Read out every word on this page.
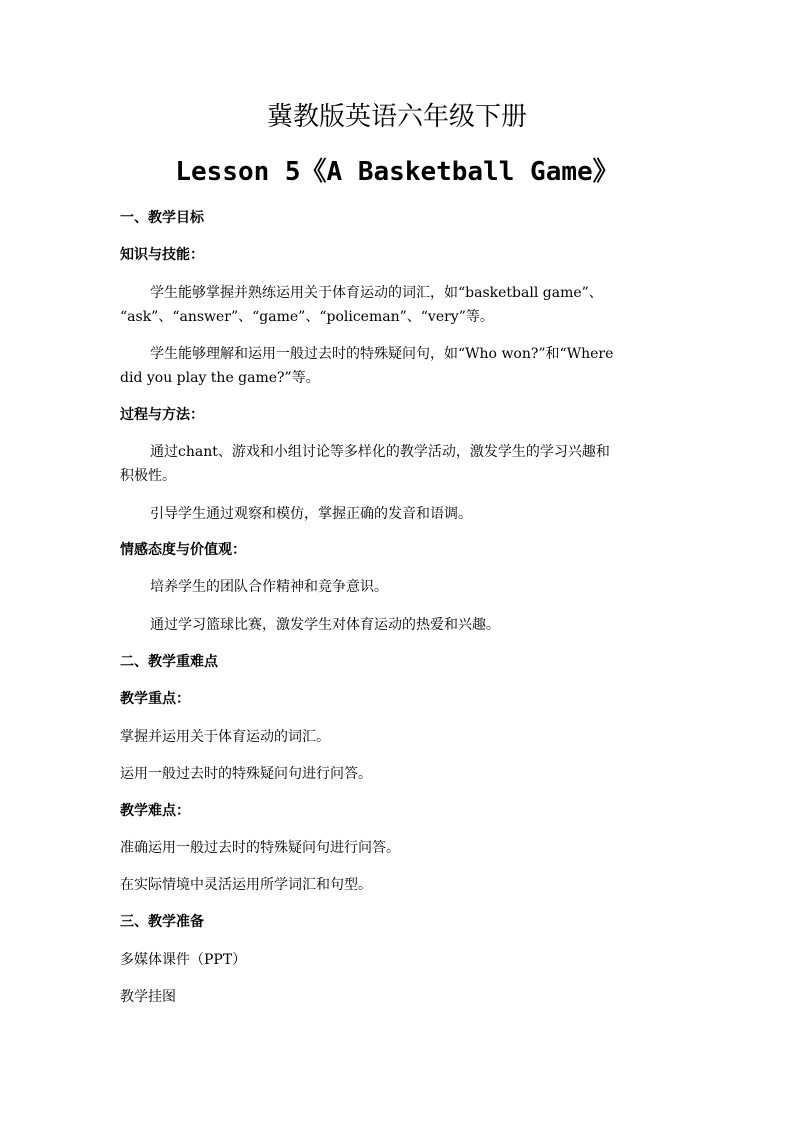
冀教版英语六年级下册
Lesson 5《A Basketball Game》
一、教学目标
知识与技能：
学生能够掌握并熟练运用关于体育运动的词汇，如“basketball game”、
“ask”、“answer”、“game”、“policeman”、“very”等。
学生能够理解和运用一般过去时的特殊疑问句，如“Who won?”和“Where
did you play the game?”等。
过程与方法：
通过chant、游戏和小组讨论等多样化的教学活动，激发学生的学习兴趣和
积极性。
引导学生通过观察和模仿，掌握正确的发音和语调。
情感态度与价值观：
培养学生的团队合作精神和竞争意识。
通过学习篮球比赛，激发学生对体育运动的热爱和兴趣。
二、教学重难点
教学重点：
掌握并运用关于体育运动的词汇。
运用一般过去时的特殊疑问句进行问答。
教学难点：
准确运用一般过去时的特殊疑问句进行问答。
在实际情境中灵活运用所学词汇和句型。
三、教学准备
多媒体课件（PPT）
教学挂图
